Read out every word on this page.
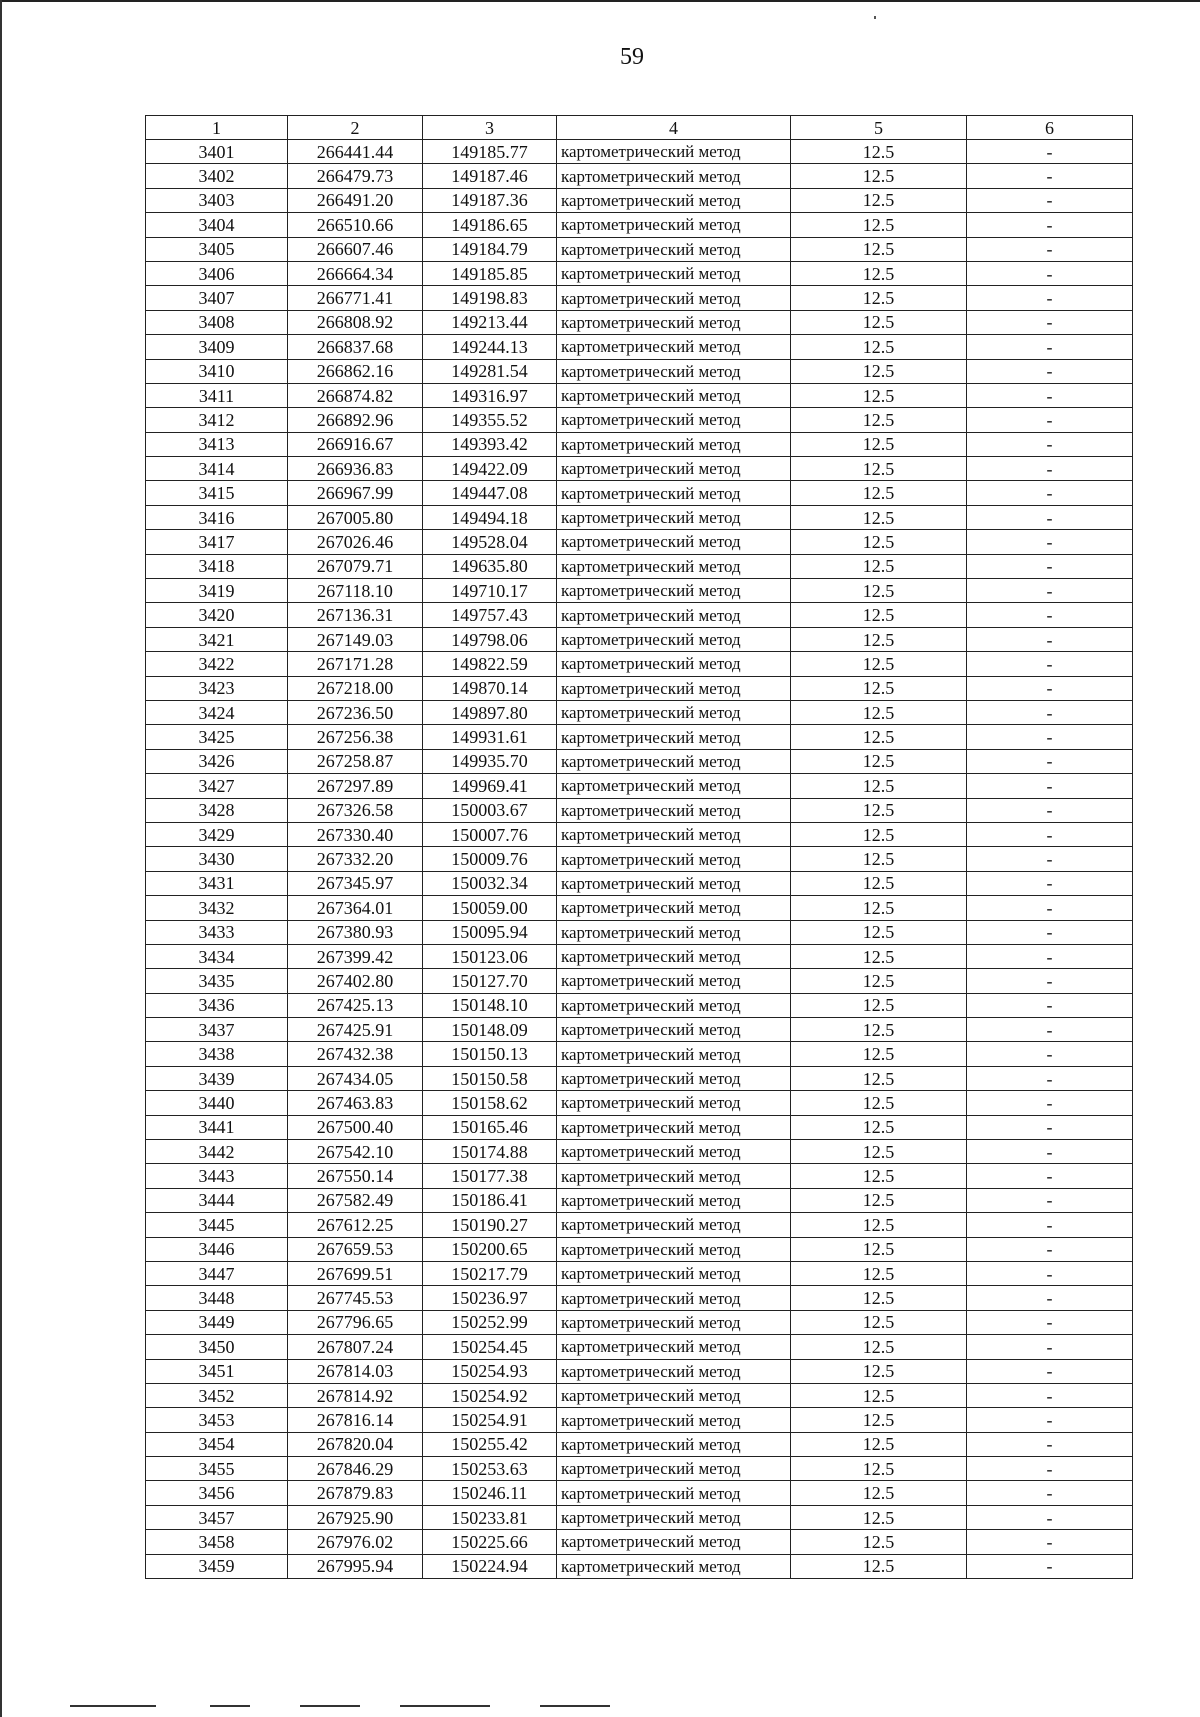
59
1	2	3	4	5	6
3401	266441.44	149185.77	картометрический метод	12.5	-
3402	266479.73	149187.46	картометрический метод	12.5	-
3403	266491.20	149187.36	картометрический метод	12.5	-
3404	266510.66	149186.65	картометрический метод	12.5	-
3405	266607.46	149184.79	картометрический метод	12.5	-
3406	266664.34	149185.85	картометрический метод	12.5	-
3407	266771.41	149198.83	картометрический метод	12.5	-
3408	266808.92	149213.44	картометрический метод	12.5	-
3409	266837.68	149244.13	картометрический метод	12.5	-
3410	266862.16	149281.54	картометрический метод	12.5	-
3411	266874.82	149316.97	картометрический метод	12.5	-
3412	266892.96	149355.52	картометрический метод	12.5	-
3413	266916.67	149393.42	картометрический метод	12.5	-
3414	266936.83	149422.09	картометрический метод	12.5	-
3415	266967.99	149447.08	картометрический метод	12.5	-
3416	267005.80	149494.18	картометрический метод	12.5	-
3417	267026.46	149528.04	картометрический метод	12.5	-
3418	267079.71	149635.80	картометрический метод	12.5	-
3419	267118.10	149710.17	картометрический метод	12.5	-
3420	267136.31	149757.43	картометрический метод	12.5	-
3421	267149.03	149798.06	картометрический метод	12.5	-
3422	267171.28	149822.59	картометрический метод	12.5	-
3423	267218.00	149870.14	картометрический метод	12.5	-
3424	267236.50	149897.80	картометрический метод	12.5	-
3425	267256.38	149931.61	картометрический метод	12.5	-
3426	267258.87	149935.70	картометрический метод	12.5	-
3427	267297.89	149969.41	картометрический метод	12.5	-
3428	267326.58	150003.67	картометрический метод	12.5	-
3429	267330.40	150007.76	картометрический метод	12.5	-
3430	267332.20	150009.76	картометрический метод	12.5	-
3431	267345.97	150032.34	картометрический метод	12.5	-
3432	267364.01	150059.00	картометрический метод	12.5	-
3433	267380.93	150095.94	картометрический метод	12.5	-
3434	267399.42	150123.06	картометрический метод	12.5	-
3435	267402.80	150127.70	картометрический метод	12.5	-
3436	267425.13	150148.10	картометрический метод	12.5	-
3437	267425.91	150148.09	картометрический метод	12.5	-
3438	267432.38	150150.13	картометрический метод	12.5	-
3439	267434.05	150150.58	картометрический метод	12.5	-
3440	267463.83	150158.62	картометрический метод	12.5	-
3441	267500.40	150165.46	картометрический метод	12.5	-
3442	267542.10	150174.88	картометрический метод	12.5	-
3443	267550.14	150177.38	картометрический метод	12.5	-
3444	267582.49	150186.41	картометрический метод	12.5	-
3445	267612.25	150190.27	картометрический метод	12.5	-
3446	267659.53	150200.65	картометрический метод	12.5	-
3447	267699.51	150217.79	картометрический метод	12.5	-
3448	267745.53	150236.97	картометрический метод	12.5	-
3449	267796.65	150252.99	картометрический метод	12.5	-
3450	267807.24	150254.45	картометрический метод	12.5	-
3451	267814.03	150254.93	картометрический метод	12.5	-
3452	267814.92	150254.92	картометрический метод	12.5	-
3453	267816.14	150254.91	картометрический метод	12.5	-
3454	267820.04	150255.42	картометрический метод	12.5	-
3455	267846.29	150253.63	картометрический метод	12.5	-
3456	267879.83	150246.11	картометрический метод	12.5	-
3457	267925.90	150233.81	картометрический метод	12.5	-
3458	267976.02	150225.66	картометрический метод	12.5	-
3459	267995.94	150224.94	картометрический метод	12.5	-
